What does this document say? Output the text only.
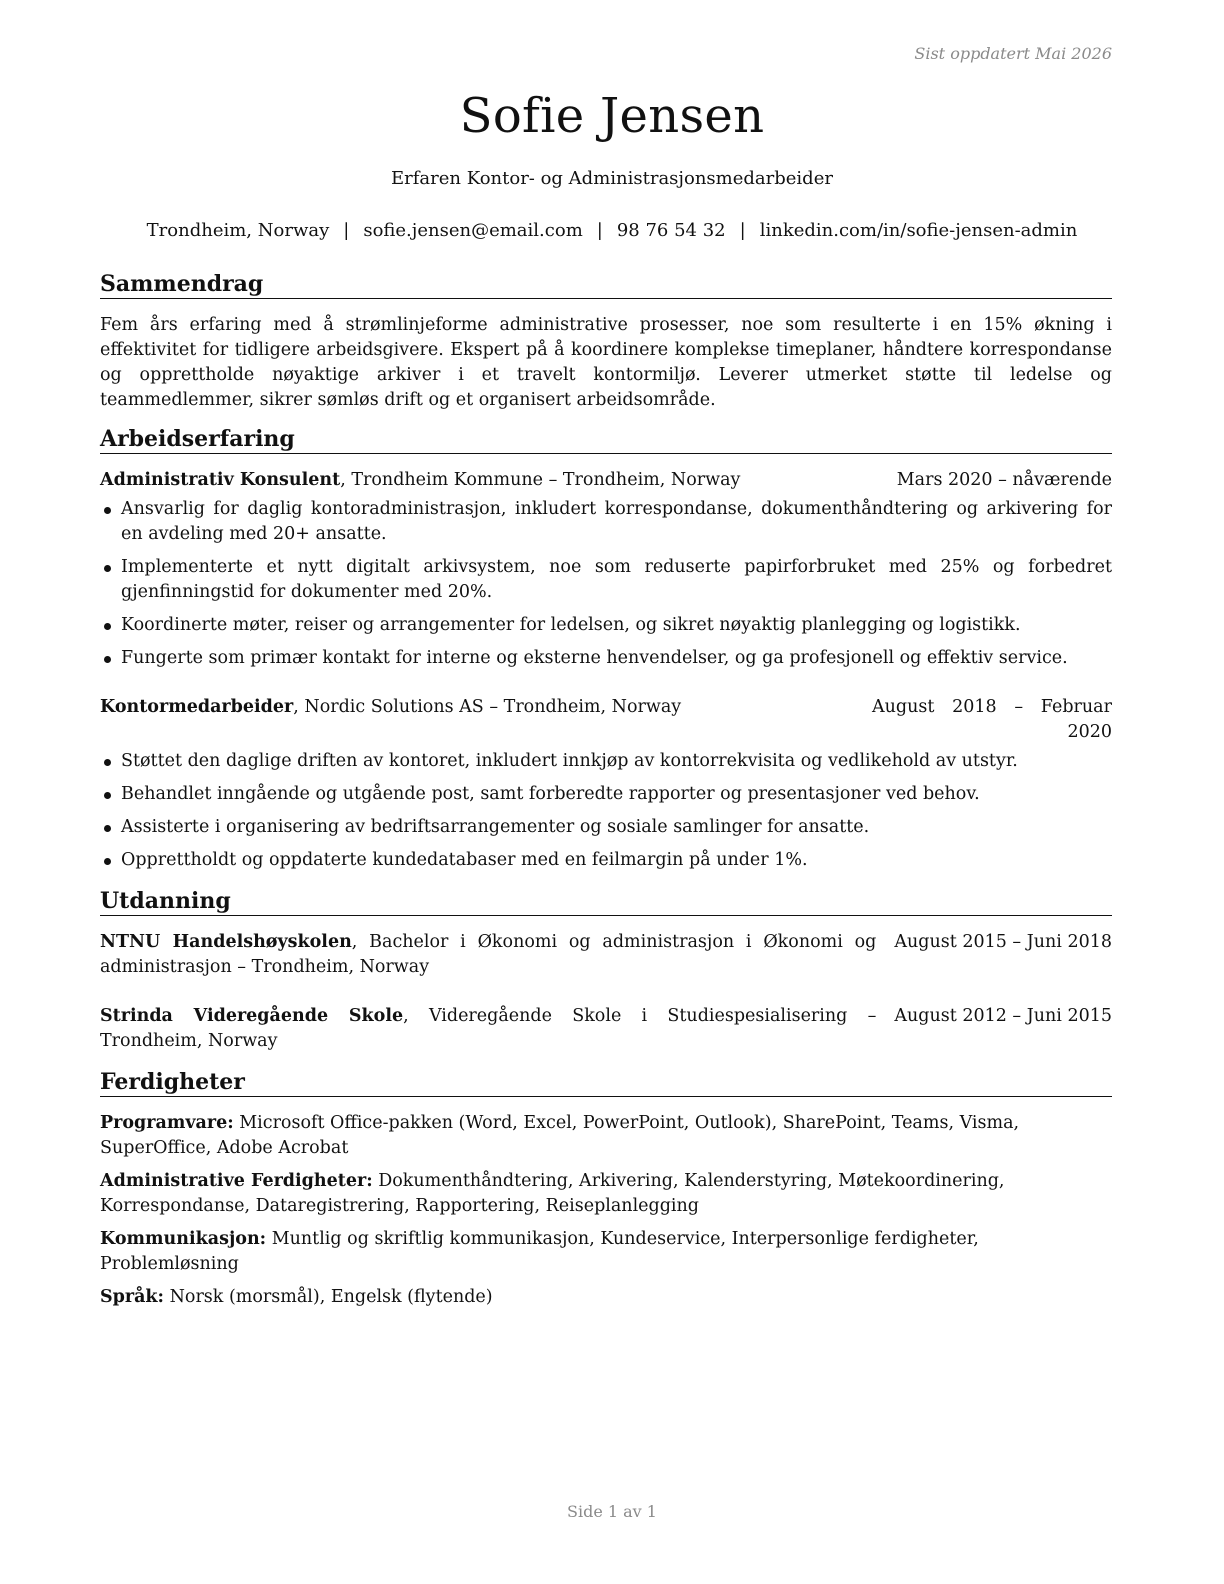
Sist oppdatert Mai 2026
Sofie Jensen
Erfaren Kontor- og Administrasjonsmedarbeider
Trondheim, Norway | sofie.jensen@email.com | 98 76 54 32 | linkedin.com/in/sofie-jensen-admin
Sammendrag

Fem års erfaring med å strømlinjeforme administrative prosesser, noe som resulterte i en 15% økning i effektivitet for tidligere arbeidsgivere. Ekspert på å koordinere komplekse timeplaner, håndtere korrespondanse og opprettholde nøyaktige arkiver i et travelt kontormiljø. Leverer utmerket støtte til ledelse og teammedlemmer, sikrer sømløs drift og et organisert arbeidsområde.

Arbeidserfaring
Administrativ Konsulent, Trondheim Kommune – Trondheim, Norway	Mars 2020 – nåværende
Ansvarlig for daglig kontoradministrasjon, inkludert korrespondanse, dokumenthåndtering og arkivering for en avdeling med 20+ ansatte.
Implementerte et nytt digitalt arkivsystem, noe som reduserte papirforbruket med 25% og forbedret gjenfinningstid for dokumenter med 20%.
Koordinerte møter, reiser og arrangementer for ledelsen, og sikret nøyaktig planlegging og logistikk.
Fungerte som primær kontakt for interne og eksterne henvendelser, og ga profesjonell og effektiv service.
Kontormedarbeider, Nordic Solutions AS – Trondheim, Norway	August 2018 – Februar 2020
Støttet den daglige driften av kontoret, inkludert innkjøp av kontorrekvisita og vedlikehold av utstyr.
Behandlet inngående og utgående post, samt forberedte rapporter og presentasjoner ved behov.
Assisterte i organisering av bedriftsarrangementer og sosiale samlinger for ansatte.
Opprettholdt og oppdaterte kundedatabaser med en feilmargin på under 1%.
Utdanning
NTNU Handelshøyskolen, Bachelor i Økonomi og administrasjon i Økonomi og administrasjon – Trondheim, Norway
August 2015 – Juni 2018
Strinda Videregående Skole, Videregående Skole i Studiespesialisering – Trondheim, Norway
August 2012 – Juni 2015
Ferdigheter

Programvare: Microsoft Office-pakken (Word, Excel, PowerPoint, Outlook), SharePoint, Teams, Visma, SuperOffice, Adobe Acrobat

Administrative Ferdigheter: Dokumenthåndtering, Arkivering, Kalenderstyring, Møtekoordinering, Korrespondanse, Dataregistrering, Rapportering, Reiseplanlegging

Kommunikasjon: Muntlig og skriftlig kommunikasjon, Kundeservice, Interpersonlige ferdigheter, Problemløsning

Språk: Norsk (morsmål), Engelsk (flytende)

Side 1 av 1
